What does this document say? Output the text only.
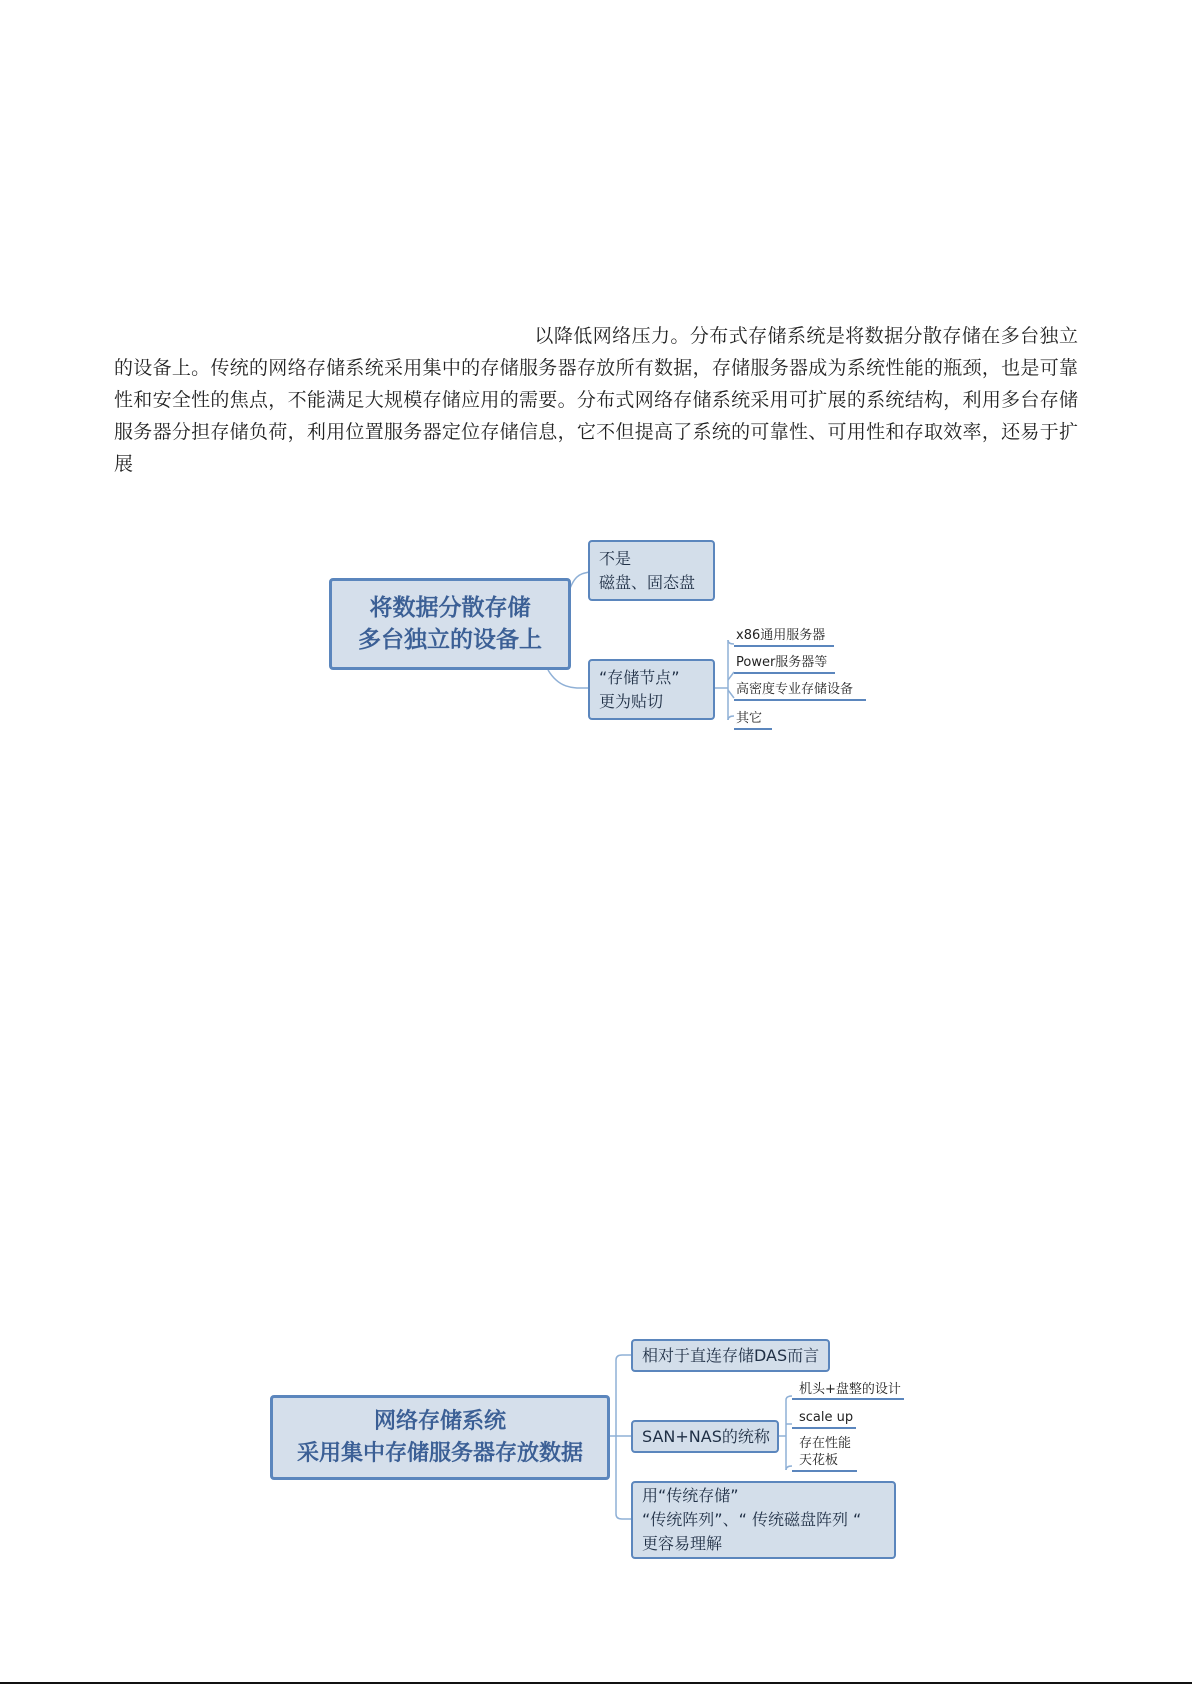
以降低网络压力。分布式存储系统是将数据分散存储在多台独立的设备上。传统的网络存储系统采用集中的存储服务器存放所有数据，存储服务器成为系统性能的瓶颈，也是可靠性和安全性的焦点，不能满足大规模存储应用的需要。分布式网络存储系统采用可扩展的系统结构，利用多台存储服务器分担存储负荷，利用位置服务器定位存储信息，它不但提高了系统的可靠性、可用性和存取效率，还易于扩展

将数据分散存储
多台独立的设备上
不是
磁盘、固态盘
“存储节点”
更为贴切
x86通用服务器
Power服务器等
高密度专业存储设备
其它
网络存储系统
采用集中存储服务器存放数据
相对于直连存储DAS而言
SAN+NAS的统称
机头+盘整的设计
scale up
存在性能
天花板
用“传统存储”
“传统阵列”、“ 传统磁盘阵列 “
更容易理解
